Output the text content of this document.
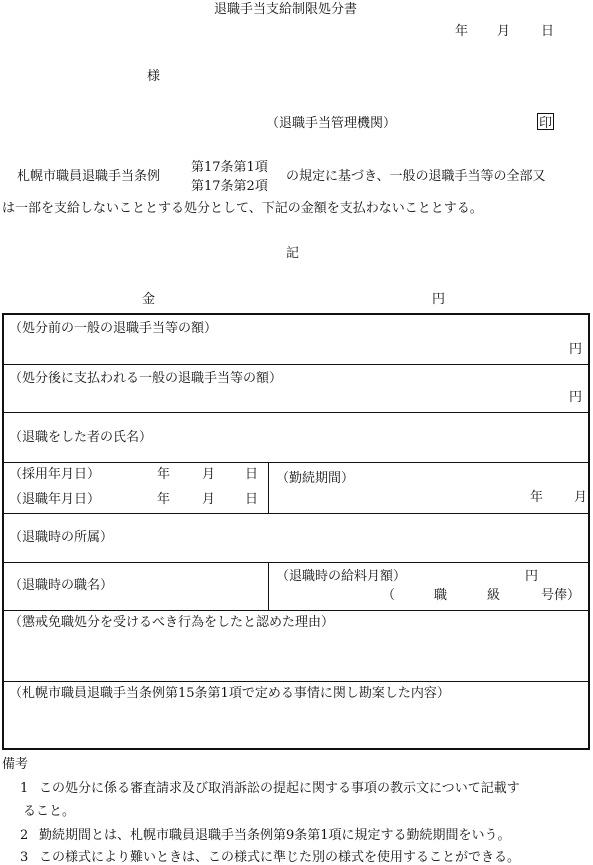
退職手当支給制限処分書
年 月 日
様
（退職手当管理機関）	印
札幌市職員退職手当条例
第17条第1項
第17条第2項
の規定に基づき、一般の退職手当等の全部又
は一部を支給しないこととする処分として、下記の金額を支払わないこととする。
記
金	円
（処分前の一般の退職手当等の額）
円
（処分後に支払われる一般の退職手当等の額）
円
（退職をした者の氏名）
（採用年月日）	年 月 日
（退職年月日）	年 月 日
（勤続期間）
年 月
（退職時の所属）
（退職時の職名）
（退職時の給料月額）	円
（	職	級	号俸）
（懲戒免職処分を受けるべき行為をしたと認めた理由）
（札幌市職員退職手当条例第15条第1項で定める事情に関し勘案した内容）
備考
1 この処分に係る審査請求及び取消訴訟の提起に関する事項の教示文について記載す
ること。
2 勤続期間とは、札幌市職員退職手当条例第9条第1項に規定する勤続期間をいう。
3 この様式により難いときは、この様式に準じた別の様式を使用することができる。
